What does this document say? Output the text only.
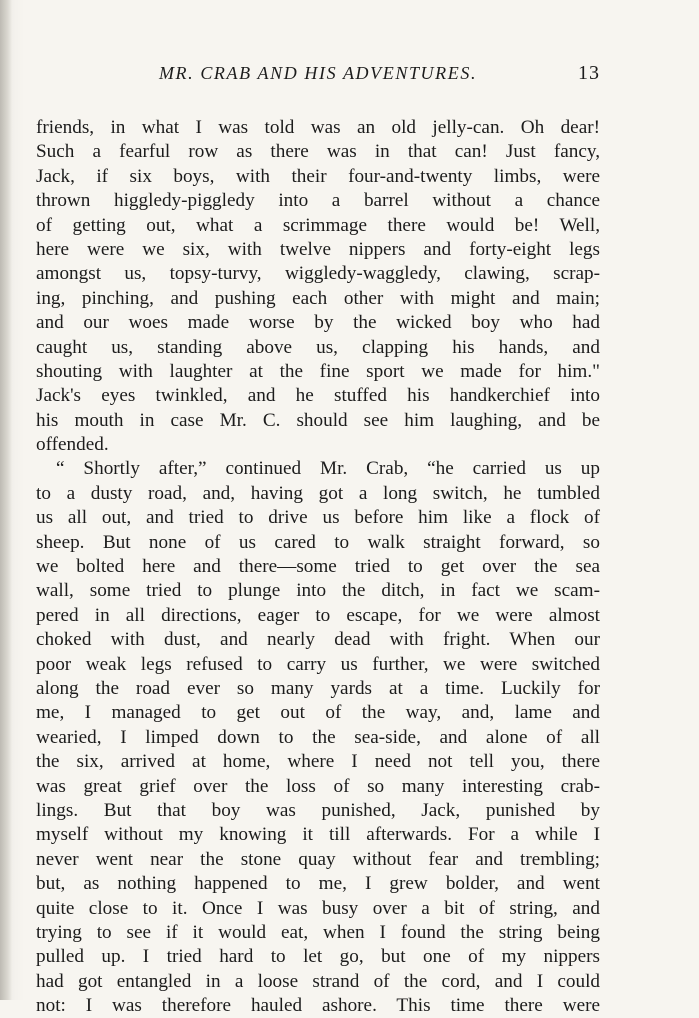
MR. CRAB AND HIS ADVENTURES.	13
friends, in what I was told was an old jelly-can. Oh dear!
Such a fearful row as there was in that can! Just fancy,
Jack, if six boys, with their four-and-twenty limbs, were
thrown higgledy-piggledy into a barrel without a chance
of getting out, what a scrimmage there would be! Well,
here were we six, with twelve nippers and forty-eight legs
amongst us, topsy-turvy, wiggledy-waggledy, clawing, scrap-
ing, pinching, and pushing each other with might and main;
and our woes made worse by the wicked boy who had
caught us, standing above us, clapping his hands, and
shouting with laughter at the fine sport we made for him."
Jack's eyes twinkled, and he stuffed his handkerchief into
his mouth in case Mr. C. should see him laughing, and be
offended.
“ Shortly after,” continued Mr. Crab, “he carried us up
to a dusty road, and, having got a long switch, he tumbled
us all out, and tried to drive us before him like a flock of
sheep. But none of us cared to walk straight forward, so
we bolted here and there—some tried to get over the sea
wall, some tried to plunge into the ditch, in fact we scam-
pered in all directions, eager to escape, for we were almost
choked with dust, and nearly dead with fright. When our
poor weak legs refused to carry us further, we were switched
along the road ever so many yards at a time. Luckily for
me, I managed to get out of the way, and, lame and
wearied, I limped down to the sea-side, and alone of all
the six, arrived at home, where I need not tell you, there
was great grief over the loss of so many interesting crab-
lings. But that boy was punished, Jack, punished by
myself without my knowing it till afterwards. For a while I
never went near the stone quay without fear and trembling;
but, as nothing happened to me, I grew bolder, and went
quite close to it. Once I was busy over a bit of string, and
trying to see if it would eat, when I found the string being
pulled up. I tried hard to let go, but one of my nippers
had got entangled in a loose strand of the cord, and I could
not: I was therefore hauled ashore. This time there were
